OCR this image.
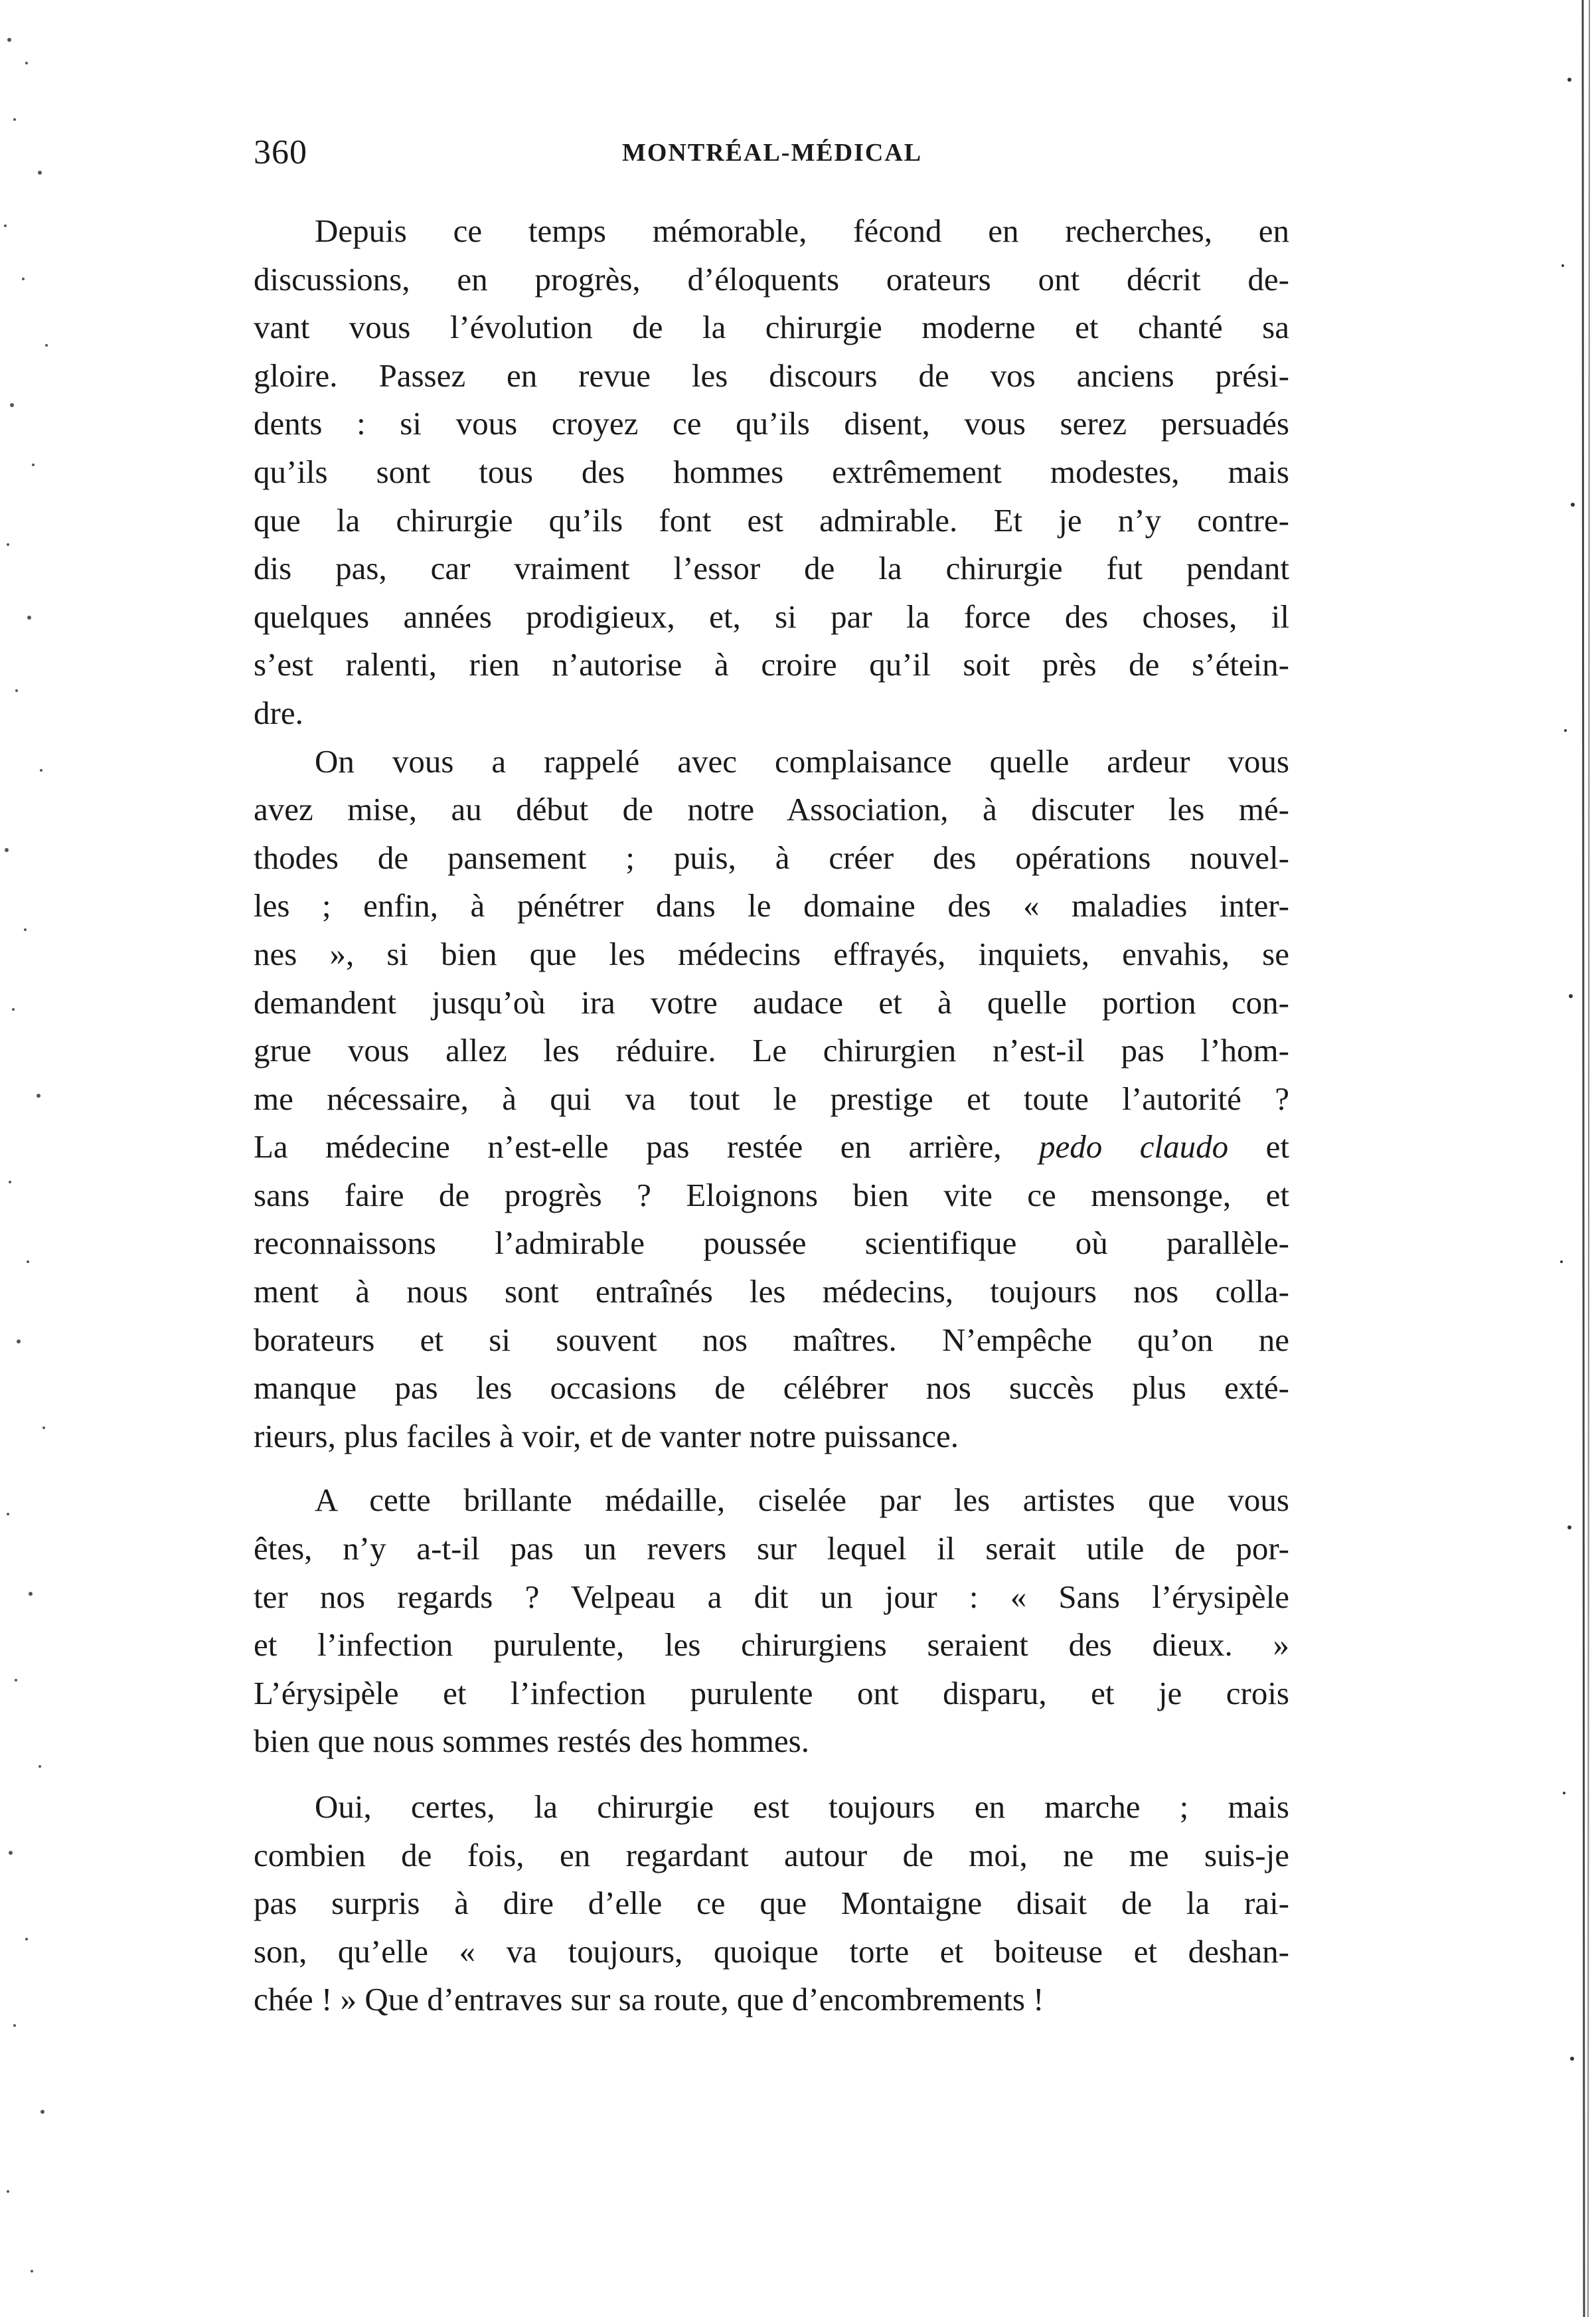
360	MONTRÉAL-MÉDICAL

Depuis ce temps mémorable, fécond en recherches, en
discussions, en progrès, d’éloquents orateurs ont décrit de-
vant vous l’évolution de la chirurgie moderne et chanté sa
gloire. Passez en revue les discours de vos anciens prési-
dents : si vous croyez ce qu’ils disent, vous serez persuadés
qu’ils sont tous des hommes extrêmement modestes, mais
que la chirurgie qu’ils font est admirable. Et je n’y contre-
dis pas, car vraiment l’essor de la chirurgie fut pendant
quelques années prodigieux, et, si par la force des choses, il
s’est ralenti, rien n’autorise à croire qu’il soit près de s’étein-
dre.

On vous a rappelé avec complaisance quelle ardeur vous
avez mise, au début de notre Association, à discuter les mé-
thodes de pansement ; puis, à créer des opérations nouvel-
les ; enfin, à pénétrer dans le domaine des « maladies inter-
nes », si bien que les médecins effrayés, inquiets, envahis, se
demandent jusqu’où ira votre audace et à quelle portion con-
grue vous allez les réduire. Le chirurgien n’est-il pas l’hom-
me nécessaire, à qui va tout le prestige et toute l’autorité ?
La médecine n’est-elle pas restée en arrière, pedo claudo et
sans faire de progrès ? Eloignons bien vite ce mensonge, et
reconnaissons l’admirable poussée scientifique où parallèle-
ment à nous sont entraînés les médecins, toujours nos colla-
borateurs et si souvent nos maîtres. N’empêche qu’on ne
manque pas les occasions de célébrer nos succès plus exté-
rieurs, plus faciles à voir, et de vanter notre puissance.

A cette brillante médaille, ciselée par les artistes que vous
êtes, n’y a-t-il pas un revers sur lequel il serait utile de por-
ter nos regards ? Velpeau a dit un jour : « Sans l’érysipèle
et l’infection purulente, les chirurgiens seraient des dieux. »
L’érysipèle et l’infection purulente ont disparu, et je crois
bien que nous sommes restés des hommes.

Oui, certes, la chirurgie est toujours en marche ; mais
combien de fois, en regardant autour de moi, ne me suis-je
pas surpris à dire d’elle ce que Montaigne disait de la rai-
son, qu’elle « va toujours, quoique torte et boiteuse et deshan-
chée ! » Que d’entraves sur sa route, que d’encombrements !
